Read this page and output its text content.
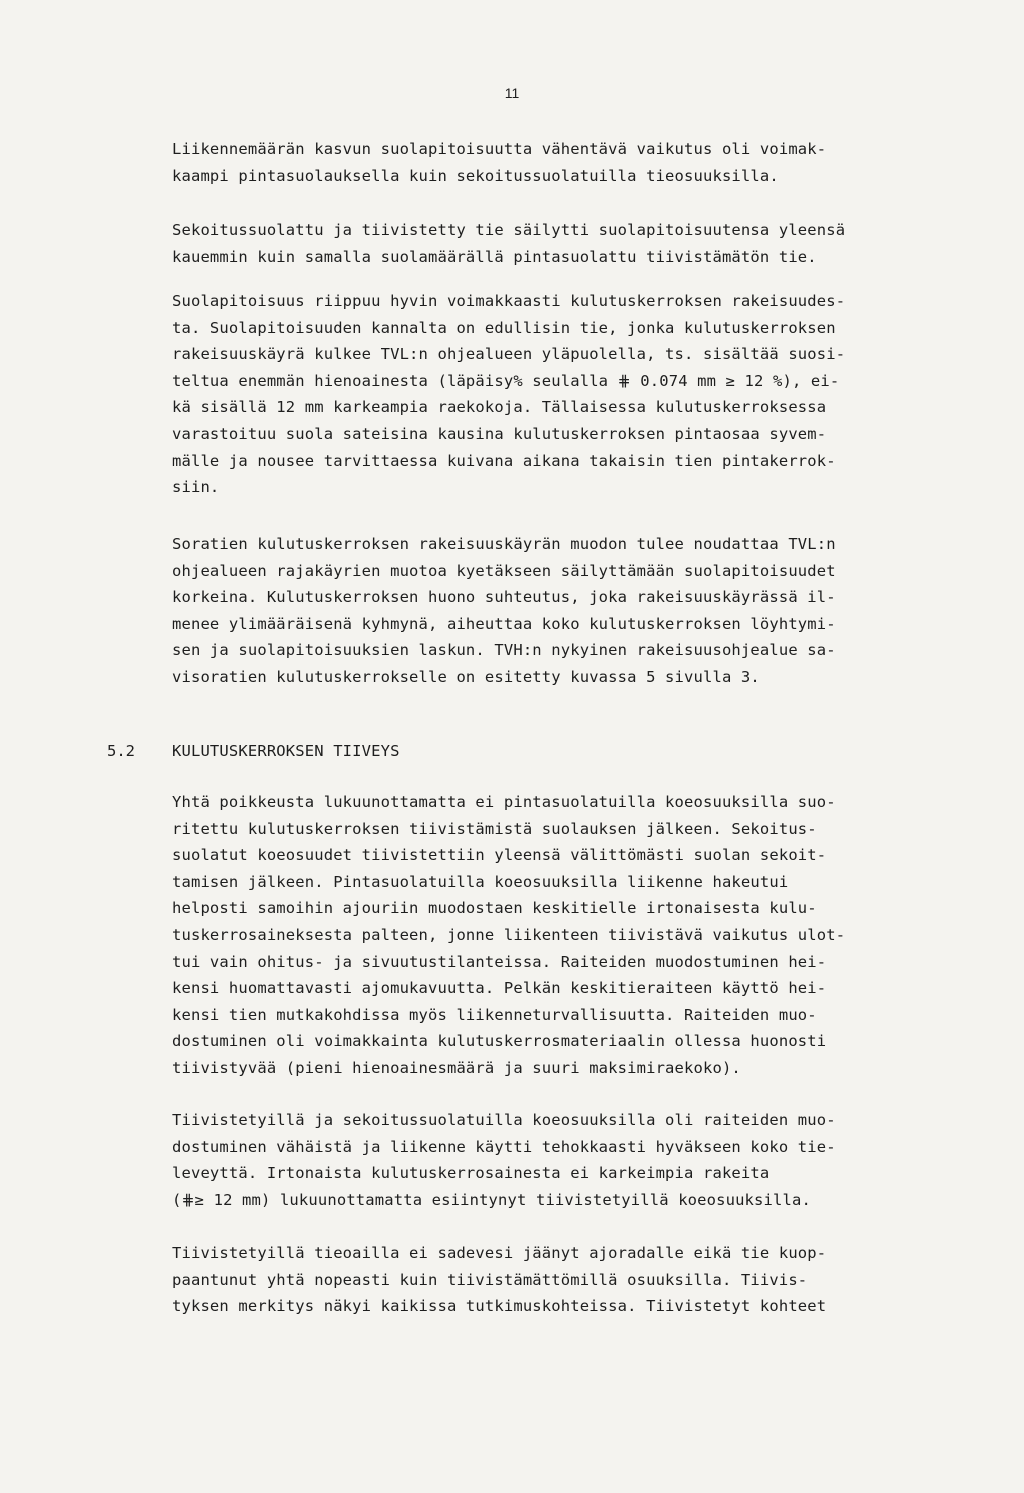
11
Liikennemäärän kasvun suolapitoisuutta vähentävä vaikutus oli voimak-
kaampi pintasuolauksella kuin sekoitussuolatuilla tieosuuksilla.
Sekoitussuolattu ja tiivistetty tie säilytti suolapitoisuutensa yleensä
kauemmin kuin samalla suolamäärällä pintasuolattu tiivistämätön tie.
Suolapitoisuus riippuu hyvin voimakkaasti kulutuskerroksen rakeisuudes-
ta. Suolapitoisuuden kannalta on edullisin tie, jonka kulutuskerroksen
rakeisuuskäyrä kulkee TVL:n ohjealueen yläpuolella, ts. sisältää suosi-
teltua enemmän hienoainesta (läpäisy% seulalla ⋕ 0.074 mm ≥ 12 %), ei-
kä sisällä 12 mm karkeampia raekokoja. Tällaisessa kulutuskerroksessa
varastoituu suola sateisina kausina kulutuskerroksen pintaosaa syvem-
mälle ja nousee tarvittaessa kuivana aikana takaisin tien pintakerrok-
siin.
Soratien kulutuskerroksen rakeisuuskäyrän muodon tulee noudattaa TVL:n
ohjealueen rajakäyrien muotoa kyetäkseen säilyttämään suolapitoisuudet
korkeina. Kulutuskerroksen huono suhteutus, joka rakeisuuskäyrässä il-
menee ylimääräisenä kyhmynä, aiheuttaa koko kulutuskerroksen löyhtymi-
sen ja suolapitoisuuksien laskun. TVH:n nykyinen rakeisuusohjealue sa-
visoratien kulutuskerrokselle on esitetty kuvassa 5 sivulla 3.
5.2 KULUTUSKERROKSEN TIIVEYS
Yhtä poikkeusta lukuunottamatta ei pintasuolatuilla koeosuuksilla suo-
ritettu kulutuskerroksen tiivistämistä suolauksen jälkeen. Sekoitus-
suolatut koeosuudet tiivistettiin yleensä välittömästi suolan sekoit-
tamisen jälkeen. Pintasuolatuilla koeosuuksilla liikenne hakeutui
helposti samoihin ajouriin muodostaen keskitielle irtonaisesta kulu-
tuskerrosaineksesta palteen, jonne liikenteen tiivistävä vaikutus ulot-
tui vain ohitus- ja sivuutustilanteissa. Raiteiden muodostuminen hei-
kensi huomattavasti ajomukavuutta. Pelkän keskitieraiteen käyttö hei-
kensi tien mutkakohdissa myös liikenneturvallisuutta. Raiteiden muo-
dostuminen oli voimakkainta kulutuskerrosmateriaalin ollessa huonosti
tiivistyvää (pieni hienoainesmäärä ja suuri maksimiraekoko).
Tiivistetyillä ja sekoitussuolatuilla koeosuuksilla oli raiteiden muo-
dostuminen vähäistä ja liikenne käytti tehokkaasti hyväkseen koko tie-
leveyttä. Irtonaista kulutuskerrosainesta ei karkeimpia rakeita
(⋕≥ 12 mm) lukuunottamatta esiintynyt tiivistetyillä koeosuuksilla.
Tiivistetyillä tieoailla ei sadevesi jäänyt ajoradalle eikä tie kuop-
paantunut yhtä nopeasti kuin tiivistämättömillä osuuksilla. Tiivis-
tyksen merkitys näkyi kaikissa tutkimuskohteissa. Tiivistetyt kohteet
